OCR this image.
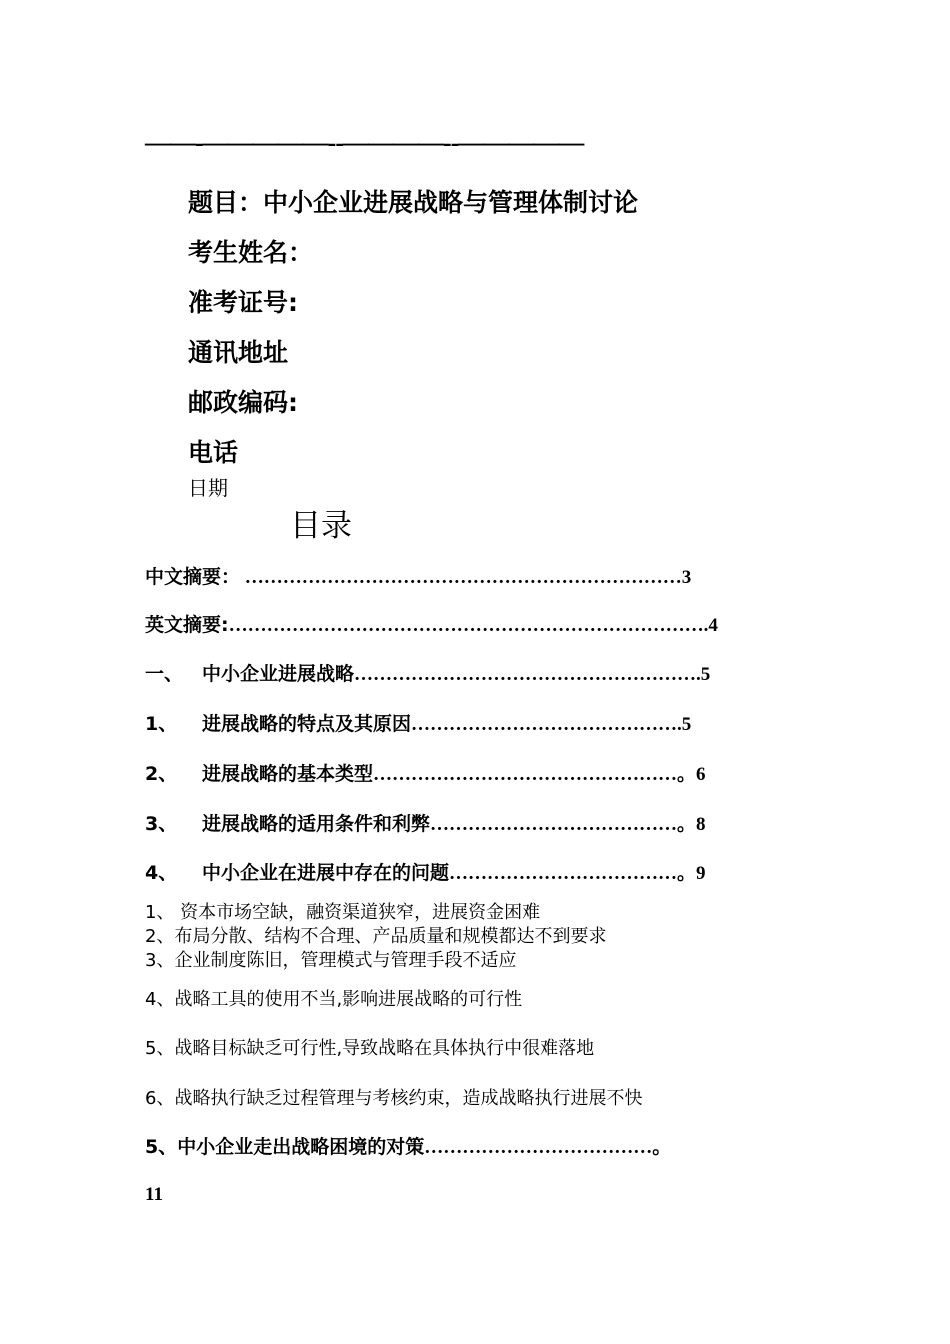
——-—————--————--—————
题目：中小企业进展战略与管理体制讨论
考生姓名：
准考证号:
通讯地址
邮政编码:
电话
日期
目录
中文摘要： ……………………………………………………………3
英文摘要:………………………………………………………………….4
一、 中小企业进展战略……………………………………………….5
1、 进展战略的特点及其原因…………………………………….5
2、 进展战略的基本类型…………………………………………。6
3、 进展战略的适用条件和利弊…………………………………。8
4、 中小企业在进展中存在的问题………………………………。9
1、 资本市场空缺，融资渠道狭窄，进展资金困难
2、布局分散、结构不合理、产品质量和规模都达不到要求
3、企业制度陈旧，管理模式与管理手段不适应
4、战略工具的使用不当,影响进展战略的可行性
5、战略目标缺乏可行性,导致战略在具体执行中很难落地
6、战略执行缺乏过程管理与考核约束，造成战略执行进展不快
5、中小企业走出战略困境的对策………………………………。
11
